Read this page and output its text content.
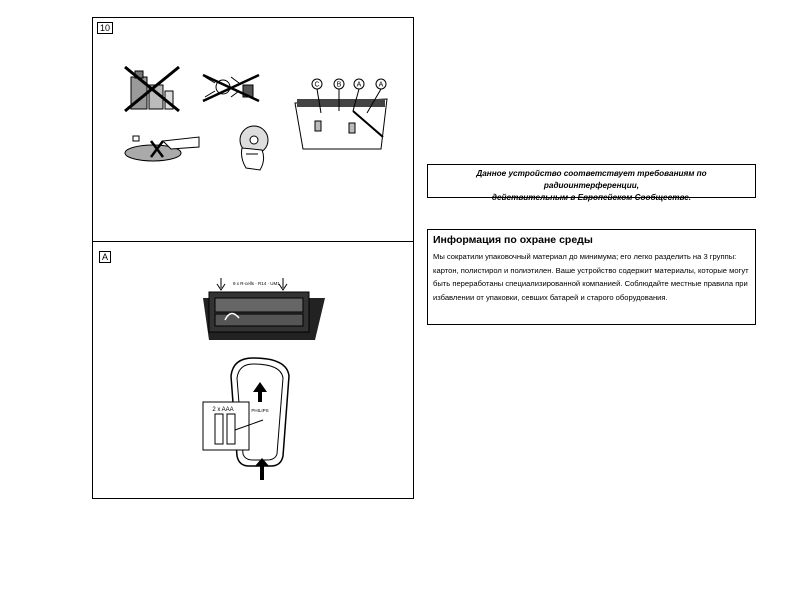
10
C B A A
A
9 x R-cells · R14 · UM1
PHILIPS
2 x AAA
Данное устройство соответствует требованиям по радиоинтерференции,
действительным в Европейском Сообществе.
Информация по охране среды

Мы сократили упаковочный материал до минимума; его легко разделить на 3 группы: картон, полистирол и полиэтилен. Ваше устройство содержит материалы, которые могут быть переработаны специализированной компанией. Соблюдайте местные правила при избавлении от упаковки, севших батарей и старого оборудования.
